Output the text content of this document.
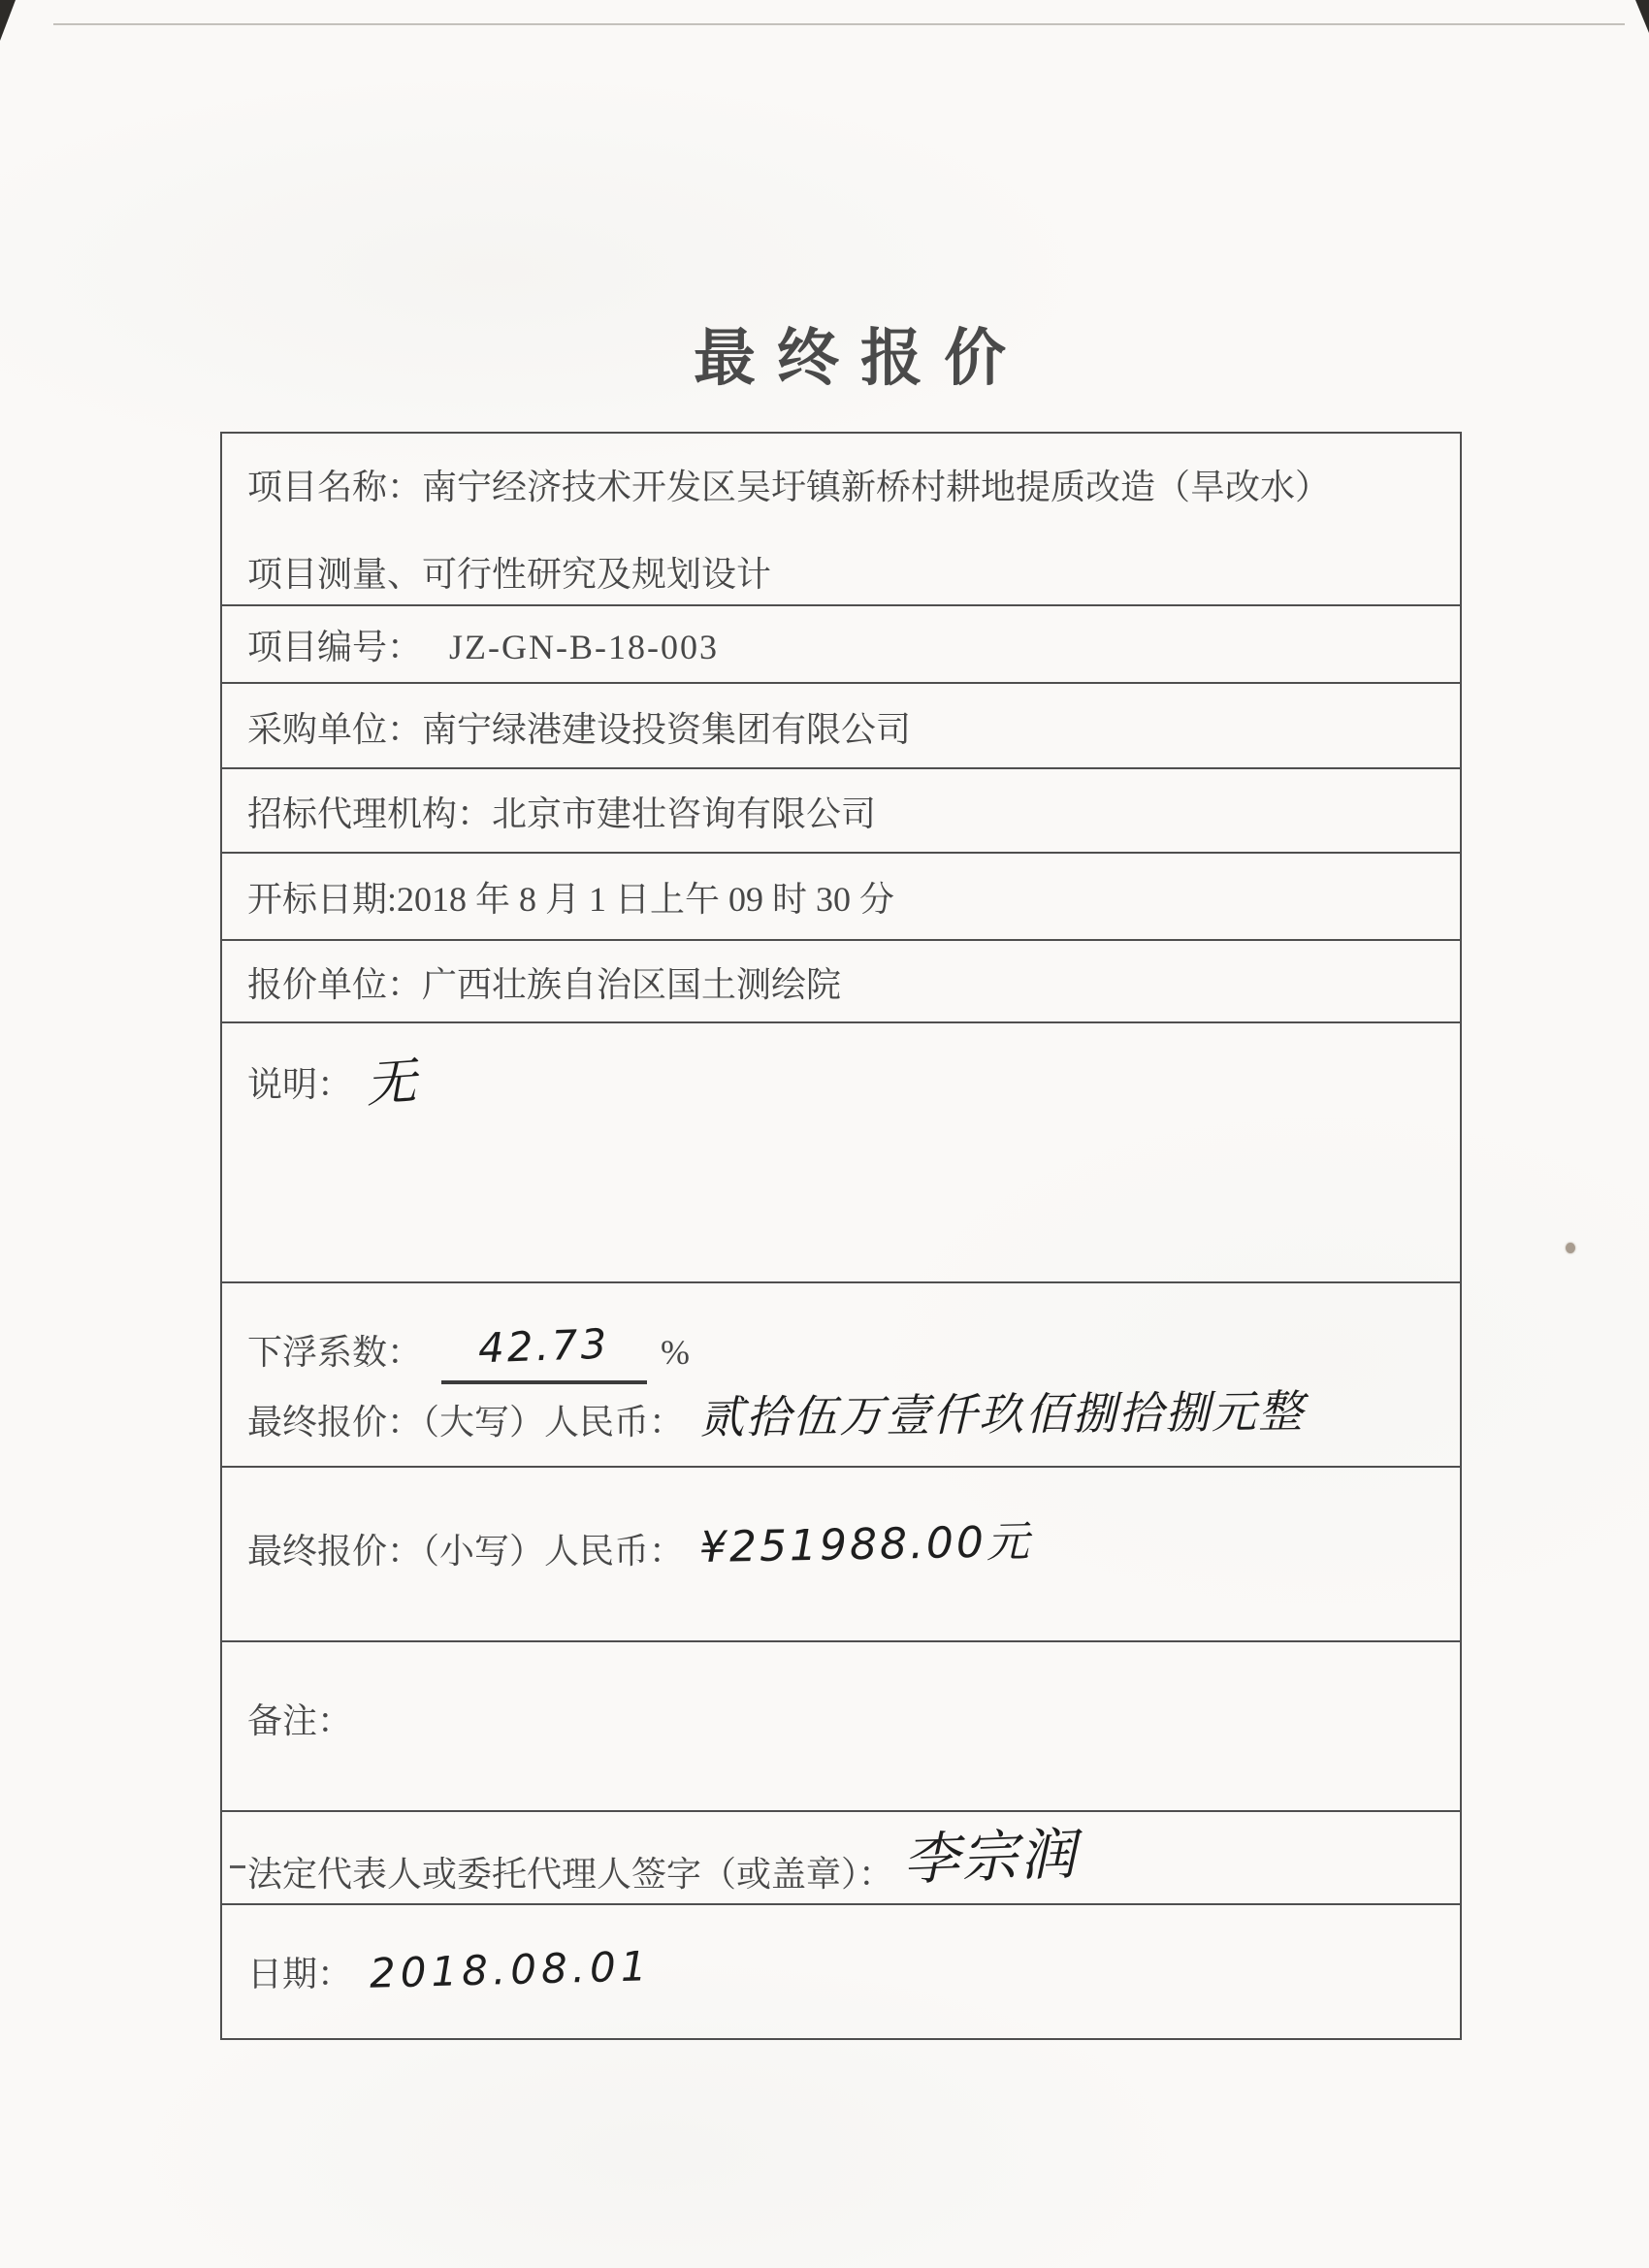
最终报价
项目名称： 南宁经济技术开发区吴圩镇新桥村耕地提质改造（旱改水）
项目测量、可行性研究及规划设计
项目编号： JZ-GN-B-18-003
采购单位： 南宁绿港建设投资集团有限公司
招标代理机构： 北京市建壮咨询有限公司
开标日期: 2018 年 8 月 1 日上午 09 时 30 分
报价单位： 广西壮族自治区国土测绘院
说明： 无
下浮系数：	42.73	%
最终报价：（大写）人民币： 贰拾伍万壹仟玖佰捌拾捌元整
最终报价：（小写）人民币： ¥251988.00元
备注：
法定代表人或委托代理人签字（或盖章）： 李宗润
日期： 2018.08.01
